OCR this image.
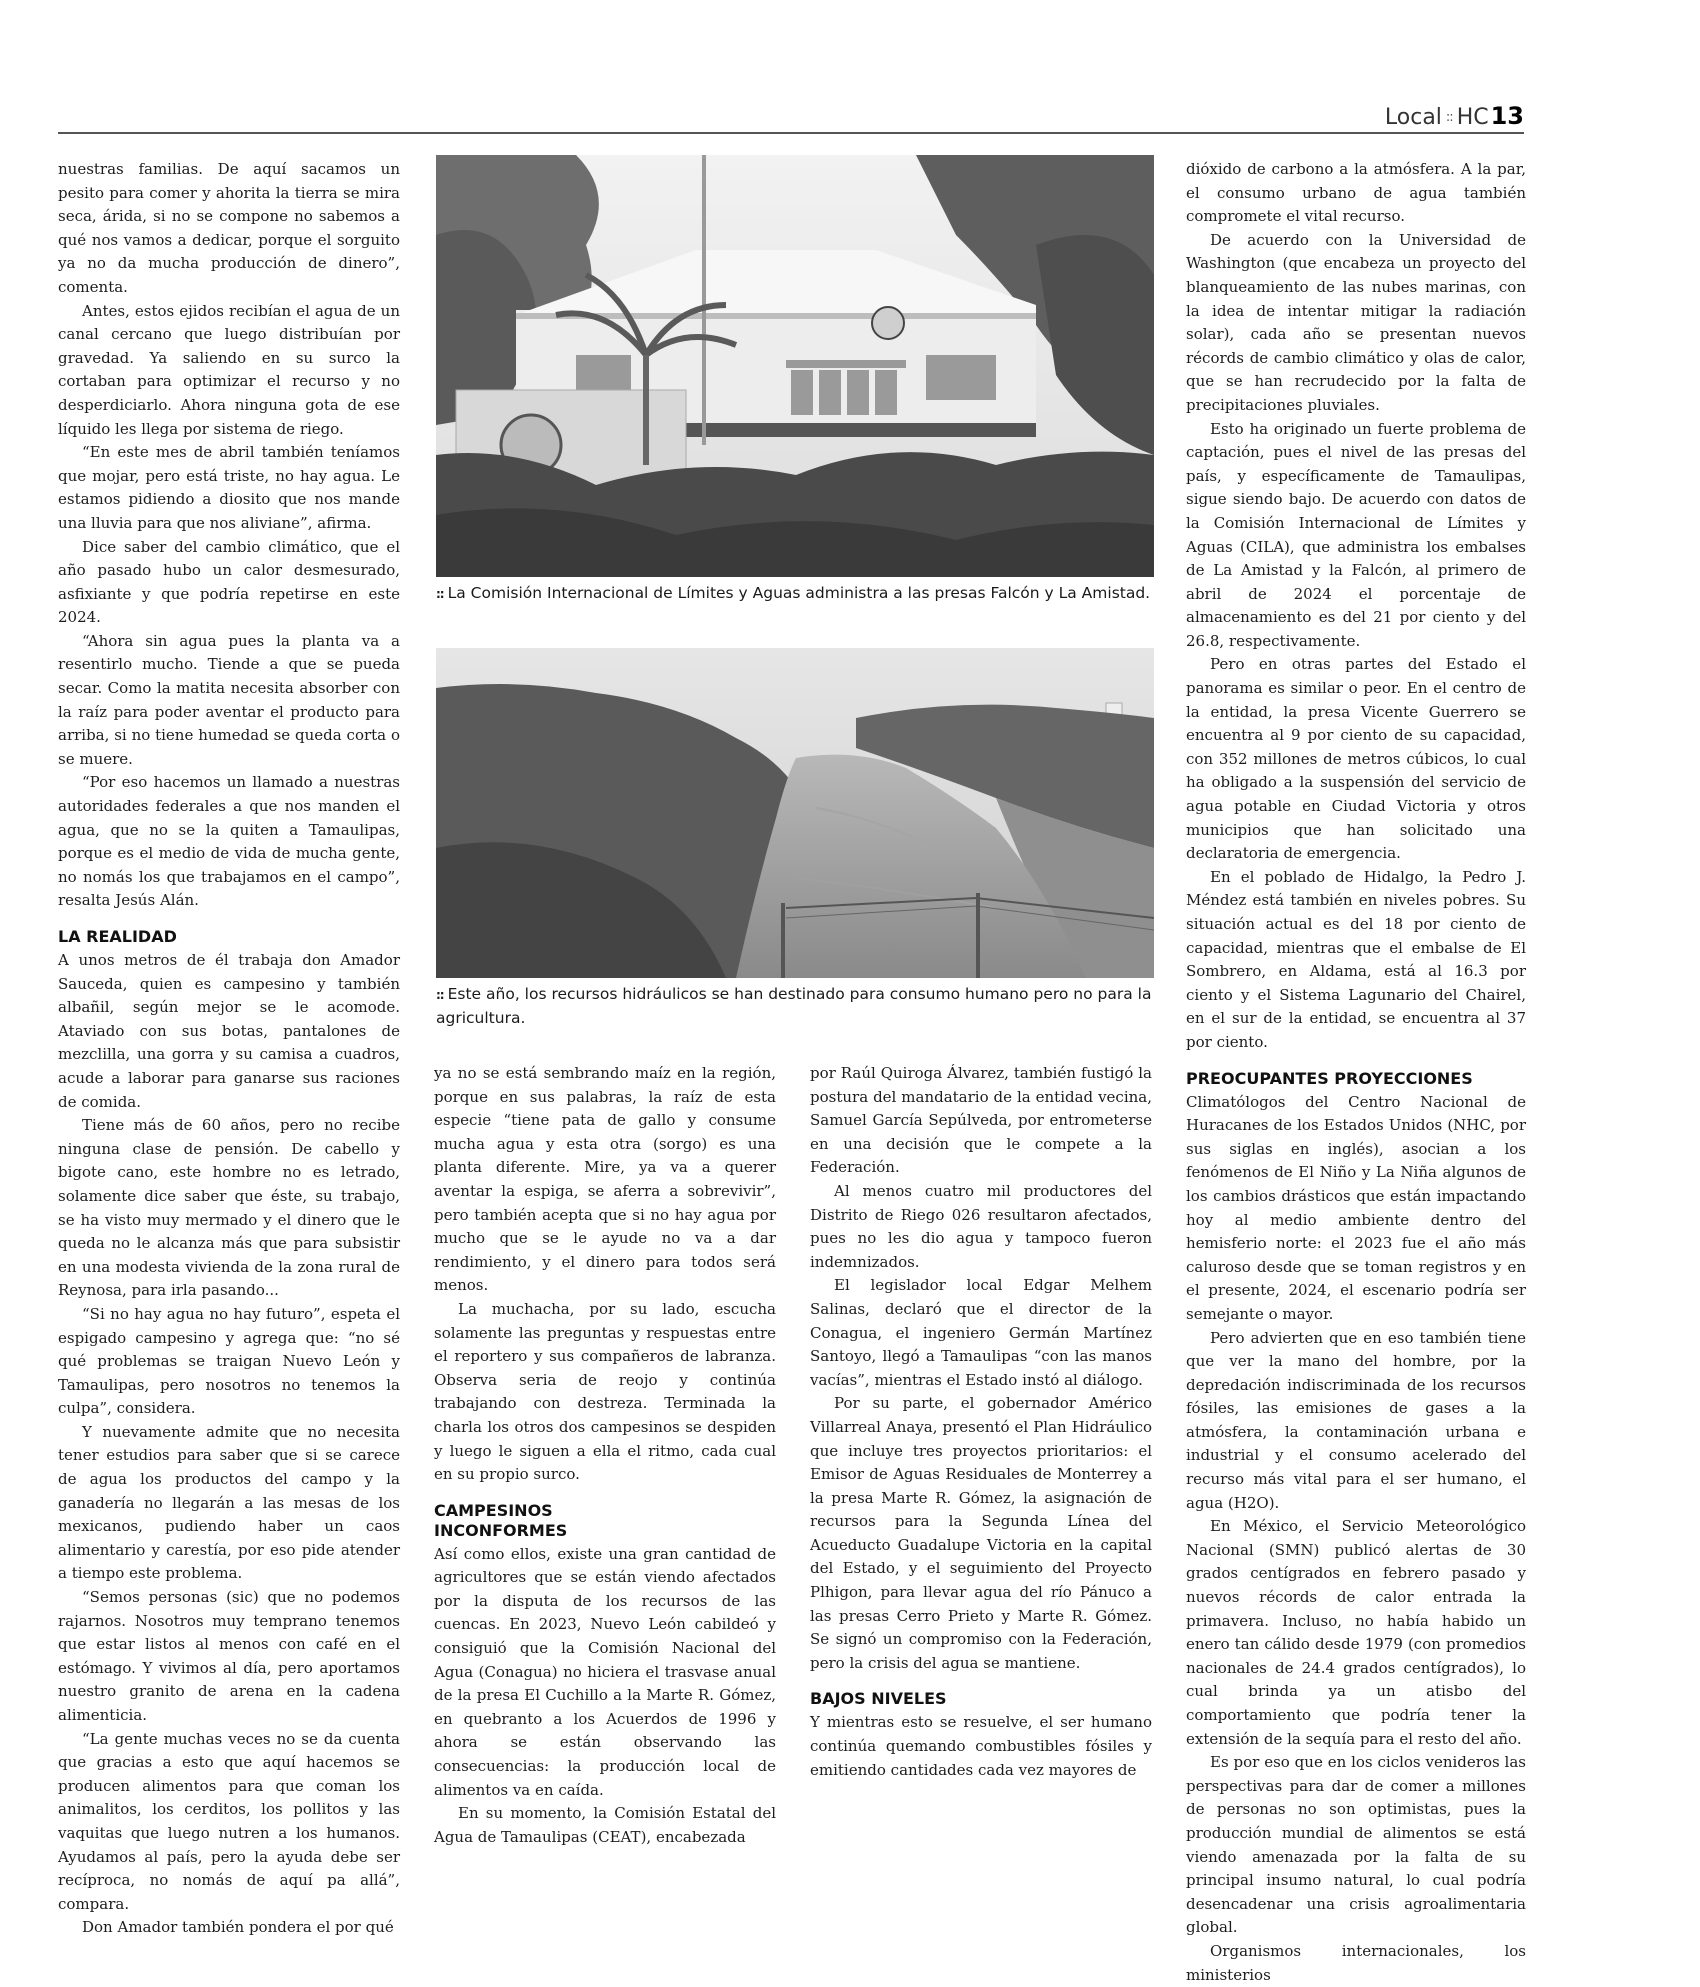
Local :: HC13

nuestras familias. De aquí sacamos un pesito para comer y ahorita la tierra se mira seca, árida, si no se compone no sabemos a qué nos vamos a dedicar, porque el sorguito ya no da mucha producción de dinero”, comenta.

Antes, estos ejidos recibían el agua de un canal cercano que luego distribuían por gravedad. Ya saliendo en su surco la cortaban para optimizar el recurso y no desperdiciarlo. Ahora ninguna gota de ese líquido les llega por sistema de riego.

“En este mes de abril también teníamos que mojar, pero está triste, no hay agua. Le estamos pidiendo a diosito que nos mande una lluvia para que nos aliviane”, afirma.

Dice saber del cambio climático, que el año pasado hubo un calor desmesurado, asfixiante y que podría repetirse en este 2024.

“Ahora sin agua pues la planta va a resentirlo mucho. Tiende a que se pueda secar. Como la matita necesita absorber con la raíz para poder aventar el producto para arriba, si no tiene humedad se queda corta o se muere.

“Por eso hacemos un llamado a nuestras autoridades federales a que nos manden el agua, que no se la quiten a Tamaulipas, porque es el medio de vida de mucha gente, no nomás los que trabajamos en el campo”, resalta Jesús Alán.

LA REALIDAD

A unos metros de él trabaja don Amador Sauceda, quien es campesino y también albañil, según mejor se le acomode. Ataviado con sus botas, pantalones de mezclilla, una gorra y su camisa a cuadros, acude a laborar para ganarse sus raciones de comida.

Tiene más de 60 años, pero no recibe ninguna clase de pensión. De cabello y bigote cano, este hombre no es letrado, solamente dice saber que éste, su trabajo, se ha visto muy mermado y el dinero que le queda no le alcanza más que para subsistir en una modesta vivienda de la zona rural de Reynosa, para irla pasando...

“Si no hay agua no hay futuro”, espeta el espigado campesino y agrega que: “no sé qué problemas se traigan Nuevo León y Tamaulipas, pero nosotros no tenemos la culpa”, considera.

Y nuevamente admite que no necesita tener estudios para saber que si se carece de agua los productos del campo y la ganadería no llegarán a las mesas de los mexicanos, pudiendo haber un caos alimentario y carestía, por eso pide atender a tiempo este problema.

“Semos personas (sic) que no podemos rajarnos. Nosotros muy temprano tenemos que estar listos al menos con café en el estómago. Y vivimos al día, pero aportamos nuestro granito de arena en la cadena alimenticia.

“La gente muchas veces no se da cuenta que gracias a esto que aquí hacemos se producen alimentos para que coman los animalitos, los cerditos, los pollitos y las vaquitas que luego nutren a los humanos. Ayudamos al país, pero la ayuda debe ser recíproca, no nomás de aquí pa allá”, compara.

Don Amador también pondera el por qué

:: La Comisión Internacional de Límites y Aguas administra a las presas Falcón y La Amistad.
:: Este año, los recursos hidráulicos se han destinado para consumo humano pero no para la agricultura.

ya no se está sembrando maíz en la región, porque en sus palabras, la raíz de esta especie “tiene pata de gallo y consume mucha agua y esta otra (sorgo) es una planta diferente. Mire, ya va a querer aventar la espiga, se aferra a sobrevivir”, pero también acepta que si no hay agua por mucho que se le ayude no va a dar rendimiento, y el dinero para todos será menos.

La muchacha, por su lado, escucha solamente las preguntas y respuestas entre el reportero y sus compañeros de labranza. Observa seria de reojo y continúa trabajando con destreza. Terminada la charla los otros dos campesinos se despiden y luego le siguen a ella el ritmo, cada cual en su propio surco.

CAMPESINOS
INCONFORMES

Así como ellos, existe una gran cantidad de agricultores que se están viendo afectados por la disputa de los recursos de las cuencas. En 2023, Nuevo León cabildeó y consiguió que la Comisión Nacional del Agua (Conagua) no hiciera el trasvase anual de la presa El Cuchillo a la Marte R. Gómez, en quebranto a los Acuerdos de 1996 y ahora se están observando las consecuencias: la producción local de alimentos va en caída.

En su momento, la Comisión Estatal del Agua de Tamaulipas (CEAT), encabezada

por Raúl Quiroga Álvarez, también fustigó la postura del mandatario de la entidad vecina, Samuel García Sepúlveda, por entrometerse en una decisión que le compete a la Federación.

Al menos cuatro mil productores del Distrito de Riego 026 resultaron afectados, pues no les dio agua y tampoco fueron indemnizados.

El legislador local Edgar Melhem Salinas, declaró que el director de la Conagua, el ingeniero Germán Martínez Santoyo, llegó a Tamaulipas “con las manos vacías”, mientras el Estado instó al diálogo.

Por su parte, el gobernador Américo Villarreal Anaya, presentó el Plan Hidráulico que incluye tres proyectos prioritarios: el Emisor de Aguas Residuales de Monterrey a la presa Marte R. Gómez, la asignación de recursos para la Segunda Línea del Acueducto Guadalupe Victoria en la capital del Estado, y el seguimiento del Proyecto Plhigon, para llevar agua del río Pánuco a las presas Cerro Prieto y Marte R. Gómez. Se signó un compromiso con la Federación, pero la crisis del agua se mantiene.

BAJOS NIVELES

Y mientras esto se resuelve, el ser humano continúa quemando combustibles fósiles y emitiendo cantidades cada vez mayores de

dióxido de carbono a la atmósfera. A la par, el consumo urbano de agua también compromete el vital recurso.

De acuerdo con la Universidad de Washington (que encabeza un proyecto del blanqueamiento de las nubes marinas, con la idea de intentar mitigar la radiación solar), cada año se presentan nuevos récords de cambio climático y olas de calor, que se han recrudecido por la falta de precipitaciones pluviales.

Esto ha originado un fuerte problema de captación, pues el nivel de las presas del país, y específicamente de Tamaulipas, sigue siendo bajo. De acuerdo con datos de la Comisión Internacional de Límites y Aguas (CILA), que administra los embalses de La Amistad y la Falcón, al primero de abril de 2024 el porcentaje de almacenamiento es del 21 por ciento y del 26.8, respectivamente.

Pero en otras partes del Estado el panorama es similar o peor. En el centro de la entidad, la presa Vicente Guerrero se encuentra al 9 por ciento de su capacidad, con 352 millones de metros cúbicos, lo cual ha obligado a la suspensión del servicio de agua potable en Ciudad Victoria y otros municipios que han solicitado una declaratoria de emergencia.

En el poblado de Hidalgo, la Pedro J. Méndez está también en niveles pobres. Su situación actual es del 18 por ciento de capacidad, mientras que el embalse de El Sombrero, en Aldama, está al 16.3 por ciento y el Sistema Lagunario del Chairel, en el sur de la entidad, se encuentra al 37 por ciento.

PREOCUPANTES PROYECCIONES

Climatólogos del Centro Nacional de Huracanes de los Estados Unidos (NHC, por sus siglas en inglés), asocian a los fenómenos de El Niño y La Niña algunos de los cambios drásticos que están impactando hoy al medio ambiente dentro del hemisferio norte: el 2023 fue el año más caluroso desde que se toman registros y en el presente, 2024, el escenario podría ser semejante o mayor.

Pero advierten que en eso también tiene que ver la mano del hombre, por la depredación indiscriminada de los recursos fósiles, las emisiones de gases a la atmósfera, la contaminación urbana e industrial y el consumo acelerado del recurso más vital para el ser humano, el agua (H2O).

En México, el Servicio Meteorológico Nacional (SMN) publicó alertas de 30 grados centígrados en febrero pasado y nuevos récords de calor entrada la primavera. Incluso, no había habido un enero tan cálido desde 1979 (con promedios nacionales de 24.4 grados centígrados), lo cual brinda ya un atisbo del comportamiento que podría tener la extensión de la sequía para el resto del año.

Es por eso que en los ciclos venideros las perspectivas para dar de comer a millones de personas no son optimistas, pues la producción mundial de alimentos se está viendo amenazada por la falta de su principal insumo natural, lo cual podría desencadenar una crisis agroalimentaria global.

Organismos internacionales, los ministerios
